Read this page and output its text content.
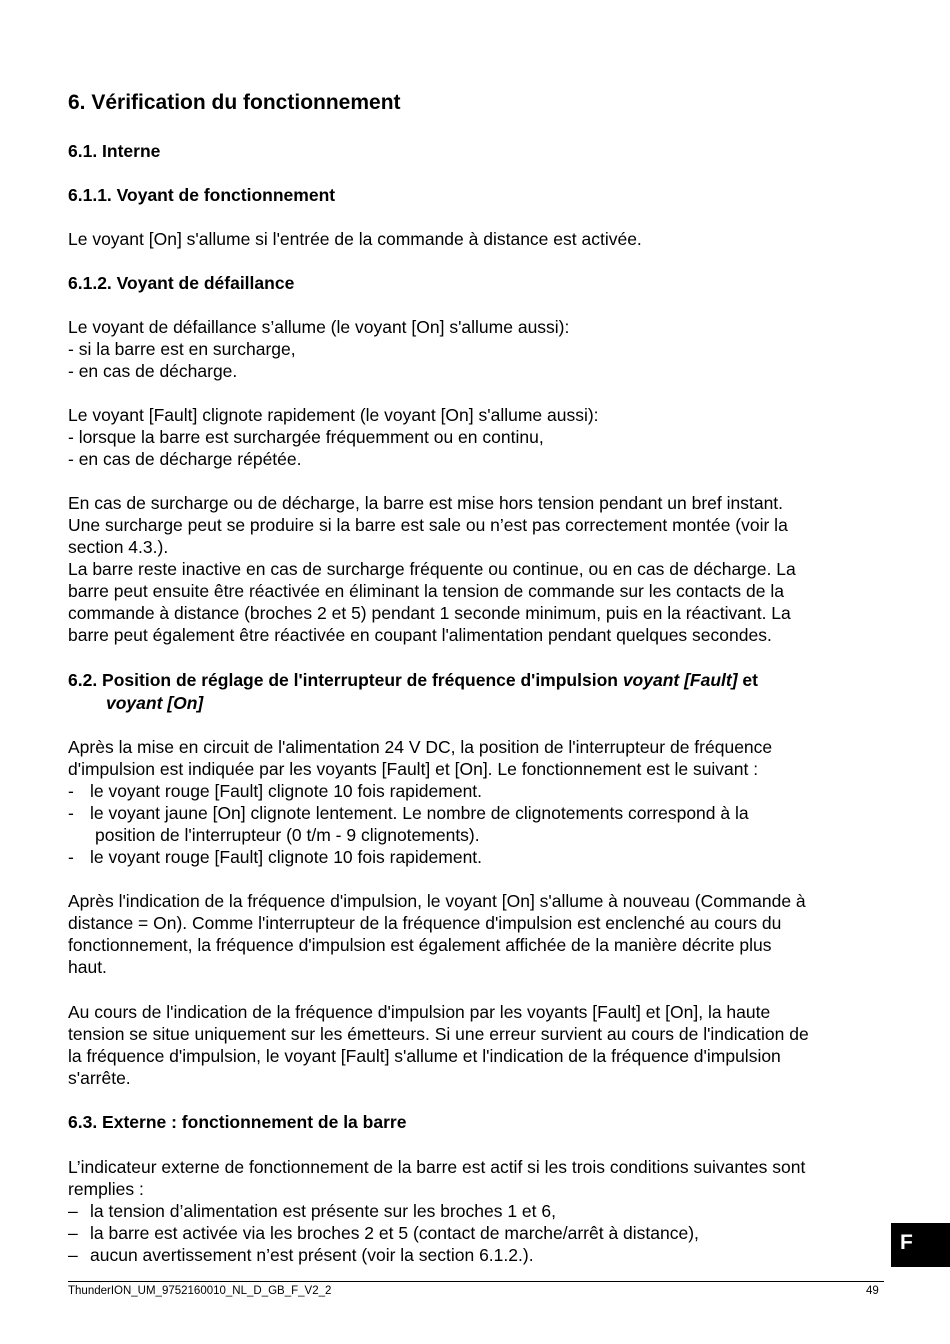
6. Vérification du fonctionnement
6.1. Interne
6.1.1. Voyant de fonctionnement
Le voyant [On] s'allume si l'entrée de la commande à distance est activée.
6.1.2. Voyant de défaillance
Le voyant de défaillance s’allume (le voyant [On] s'allume aussi):
- si la barre est en surcharge,
- en cas de décharge.
Le voyant [Fault] clignote rapidement (le voyant [On] s'allume aussi):
- lorsque la barre est surchargée fréquemment ou en continu,
- en cas de décharge répétée.
En cas de surcharge ou de décharge, la barre est mise hors tension pendant un bref instant.
Une surcharge peut se produire si la barre est sale ou n’est pas correctement montée (voir la
section 4.3.).
La barre reste inactive en cas de surcharge fréquente ou continue, ou en cas de décharge. La
barre peut ensuite être réactivée en éliminant la tension de commande sur les contacts de la
commande à distance (broches 2 et 5) pendant 1 seconde minimum, puis en la réactivant. La
barre peut également être réactivée en coupant l'alimentation pendant quelques secondes.
6.2. Position de réglage de l'interrupteur de fréquence d'impulsion voyant [Fault] et
voyant [On]
Après la mise en circuit de l'alimentation 24 V DC, la position de l'interrupteur de fréquence
d'impulsion est indiquée par les voyants [Fault] et [On]. Le fonctionnement est le suivant :
- le voyant rouge [Fault] clignote 10 fois rapidement.
- le voyant jaune [On] clignote lentement. Le nombre de clignotements correspond à la
position de l'interrupteur (0 t/m - 9 clignotements).
- le voyant rouge [Fault] clignote 10 fois rapidement.
Après l'indication de la fréquence d'impulsion, le voyant [On] s'allume à nouveau (Commande à
distance = On). Comme l'interrupteur de la fréquence d'impulsion est enclenché au cours du
fonctionnement, la fréquence d'impulsion est également affichée de la manière décrite plus
haut.
Au cours de l'indication de la fréquence d'impulsion par les voyants [Fault] et [On], la haute
tension se situe uniquement sur les émetteurs. Si une erreur survient au cours de l'indication de
la fréquence d'impulsion, le voyant [Fault] s'allume et l'indication de la fréquence d'impulsion
s'arrête.
6.3. Externe : fonctionnement de la barre
L’indicateur externe de fonctionnement de la barre est actif si les trois conditions suivantes sont
remplies :
– la tension d’alimentation est présente sur les broches 1 et 6,
– la barre est activée via les broches 2 et 5 (contact de marche/arrêt à distance),
– aucun avertissement n’est présent (voir la section 6.1.2.).
F
ThunderION_UM_9752160010_NL_D_GB_F_V2_2	49
